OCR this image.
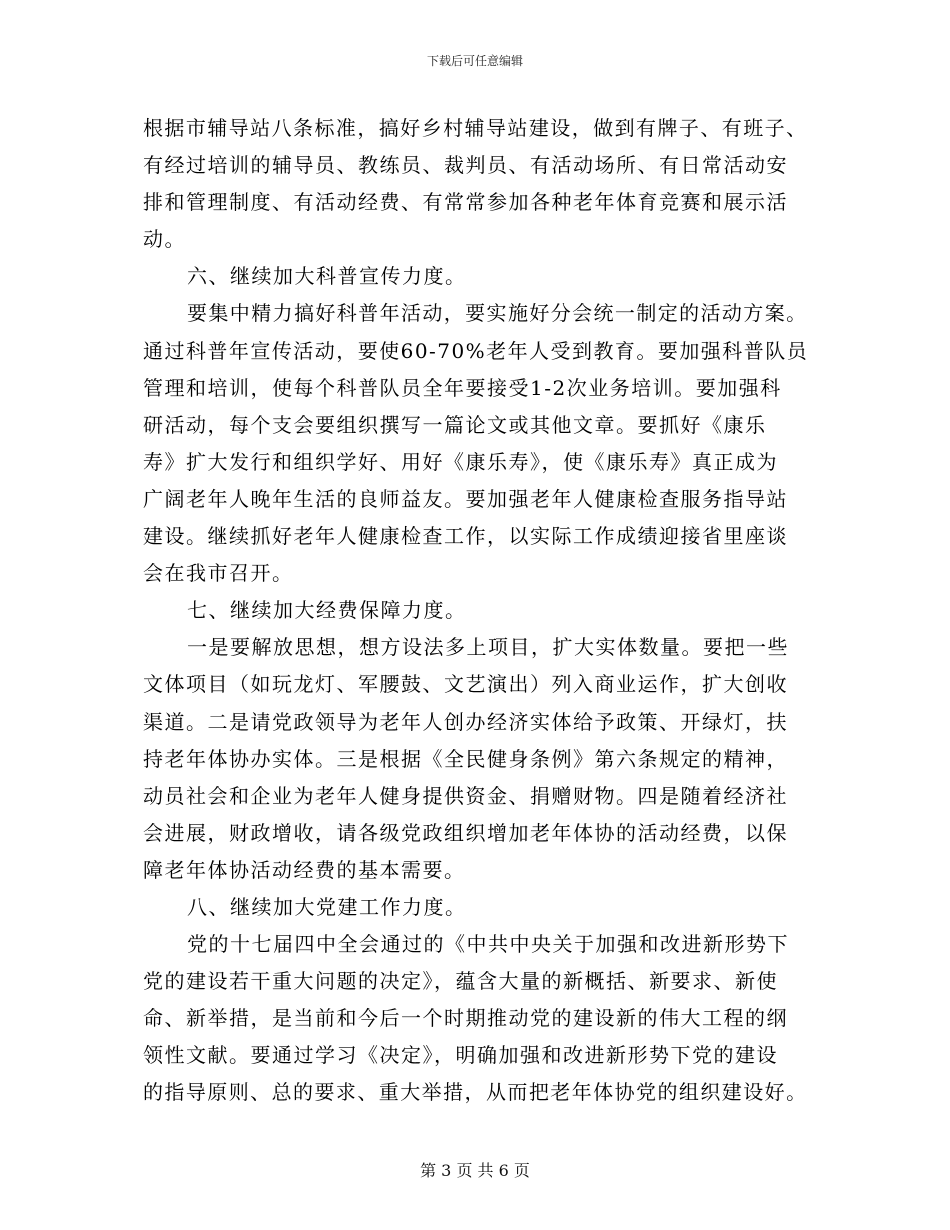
下载后可任意编辑
根据市辅导站八条标准，搞好乡村辅导站建设，做到有牌子、有班子、
有经过培训的辅导员、教练员、裁判员、有活动场所、有日常活动安
排和管理制度、有活动经费、有常常参加各种老年体育竞赛和展示活
动。
六、继续加大科普宣传力度。
要集中精力搞好科普年活动，要实施好分会统一制定的活动方案。
通过科普年宣传活动，要使60-70%老年人受到教育。要加强科普队员
管理和培训，使每个科普队员全年要接受1-2次业务培训。要加强科
研活动，每个支会要组织撰写一篇论文或其他文章。要抓好《康乐
寿》扩大发行和组织学好、用好《康乐寿》，使《康乐寿》真正成为
广阔老年人晚年生活的良师益友。要加强老年人健康检查服务指导站
建设。继续抓好老年人健康检查工作，以实际工作成绩迎接省里座谈
会在我市召开。
七、继续加大经费保障力度。
一是要解放思想，想方设法多上项目，扩大实体数量。要把一些
文体项目（如玩龙灯、军腰鼓、文艺演出）列入商业运作，扩大创收
渠道。二是请党政领导为老年人创办经济实体给予政策、开绿灯，扶
持老年体协办实体。三是根据《全民健身条例》第六条规定的精神，
动员社会和企业为老年人健身提供资金、捐赠财物。四是随着经济社
会进展，财政增收，请各级党政组织增加老年体协的活动经费，以保
障老年体协活动经费的基本需要。
八、继续加大党建工作力度。
党的十七届四中全会通过的《中共中央关于加强和改进新形势下
党的建设若干重大问题的决定》，蕴含大量的新概括、新要求、新使
命、新举措，是当前和今后一个时期推动党的建设新的伟大工程的纲
领性文献。要通过学习《决定》，明确加强和改进新形势下党的建设
的指导原则、总的要求、重大举措，从而把老年体协党的组织建设好。
第 3 页 共 6 页
